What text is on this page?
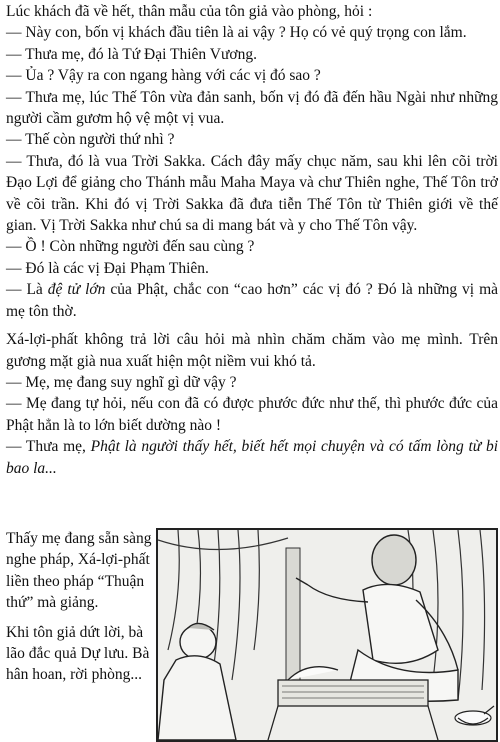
Lúc khách đã về hết, thân mẫu của tôn giả vào phòng, hỏi :

— Này con, bốn vị khách đầu tiên là ai vậy ? Họ có vẻ quý trọng con lắm.

— Thưa mẹ, đó là Tứ Đại Thiên Vương.

— Ủa ? Vậy ra con ngang hàng với các vị đó sao ?

— Thưa mẹ, lúc Thế Tôn vừa đản sanh, bốn vị đó đã đến hầu Ngài như những người cầm gươm hộ vệ một vị vua.

— Thế còn người thứ nhì ?

— Thưa, đó là vua Trời Sakka. Cách đây mấy chục năm, sau khi lên cõi trời Đạo Lợi để giảng cho Thánh mẫu Maha Maya và chư Thiên nghe, Thế Tôn trở về cõi trần. Khi đó vị Trời Sakka đã đưa tiễn Thế Tôn từ Thiên giới về thế gian. Vị Trời Sakka như chú sa di mang bát và y cho Thế Tôn vậy.

— Ồ ! Còn những người đến sau cùng ?

— Đó là các vị Đại Phạm Thiên.

— Là đệ tử lớn của Phật, chắc con “cao hơn” các vị đó ? Đó là những vị mà mẹ tôn thờ.

Xá-lợi-phất không trả lời câu hỏi mà nhìn chăm chăm vào mẹ mình. Trên gương mặt già nua xuất hiện một niềm vui khó tả.

— Mẹ, mẹ đang suy nghĩ gì dữ vậy ?

— Mẹ đang tự hỏi, nếu con đã có được phước đức như thế, thì phước đức của Phật hẳn là to lớn biết dường nào !

— Thưa mẹ, Phật là người thấy hết, biết hết mọi chuyện và có tấm lòng từ bi bao la...

Thấy mẹ đang sẵn sàng nghe pháp, Xá-lợi-phất liền theo pháp “Thuận thứ” mà giảng.

Khi tôn giả dứt lời, bà lão đắc quả Dự lưu. Bà hân hoan, rời phòng...
